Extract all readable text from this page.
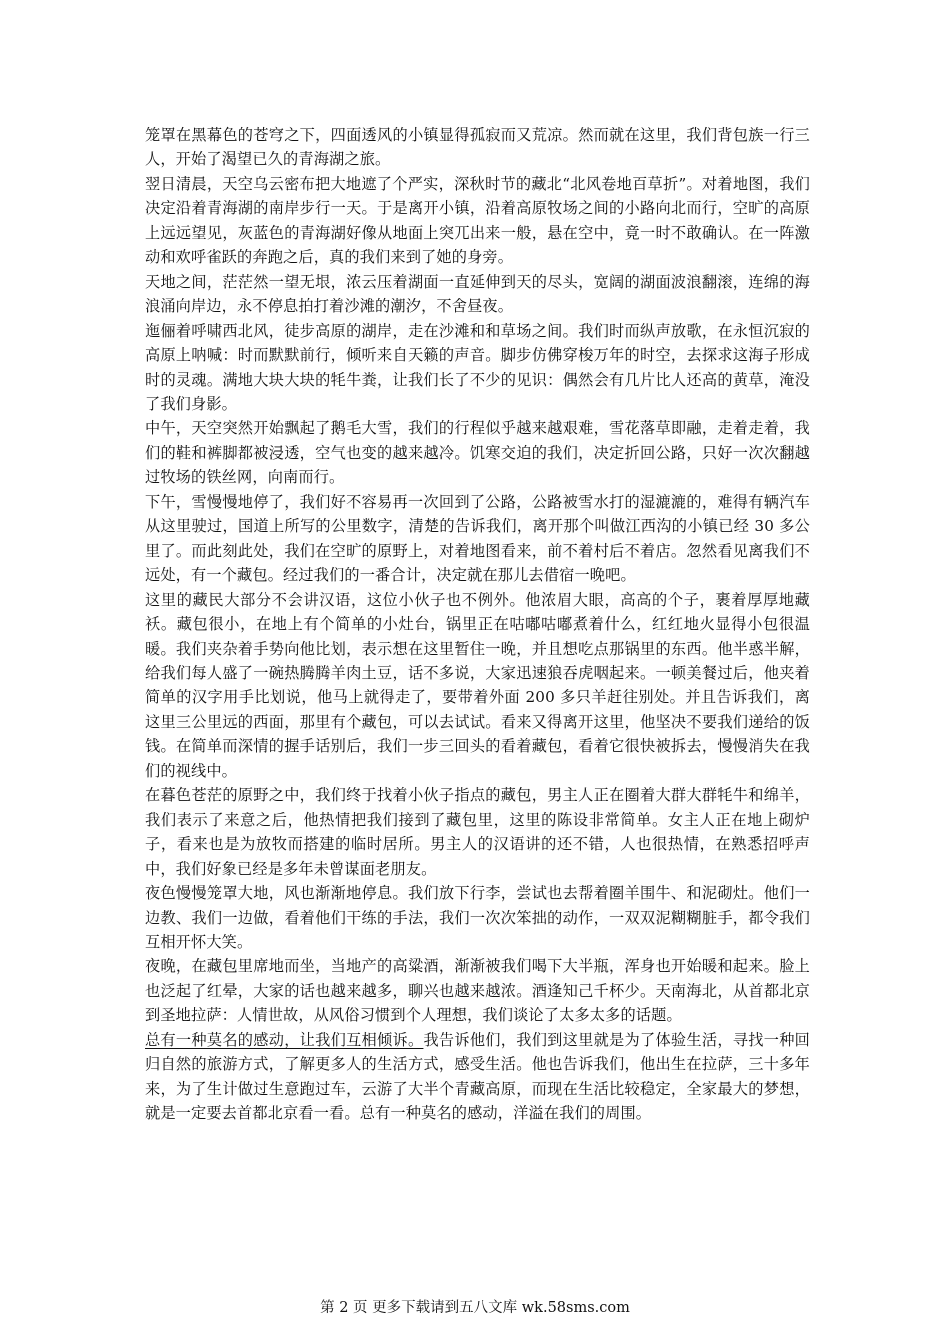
笼罩在黑幕色的苍穹之下，四面透风的小镇显得孤寂而又荒凉。然而就在这里，我们背包族一行三人，开始了渴望已久的青海湖之旅。

翌日清晨，天空乌云密布把大地遮了个严实，深秋时节的藏北“北风卷地百草折”。对着地图，我们决定沿着青海湖的南岸步行一天。于是离开小镇，沿着高原牧场之间的小路向北而行，空旷的高原上远远望见，灰蓝色的青海湖好像从地面上突兀出来一般，悬在空中，竟一时不敢确认。在一阵激动和欢呼雀跃的奔跑之后，真的我们来到了她的身旁。

天地之间，茫茫然一望无垠，浓云压着湖面一直延伸到天的尽头，宽阔的湖面波浪翻滚，连绵的海浪涌向岸边，永不停息拍打着沙滩的潮汐，不舍昼夜。

迤俪着呼啸西北风，徒步高原的湖岸，走在沙滩和和草场之间。我们时而纵声放歌，在永恒沉寂的高原上呐喊：时而默默前行，倾听来自天籁的声音。脚步仿佛穿梭万年的时空，去探求这海子形成时的灵魂。满地大块大块的牦牛粪，让我们长了不少的见识：偶然会有几片比人还高的黄草，淹没了我们身影。

中午，天空突然开始飘起了鹅毛大雪，我们的行程似乎越来越艰难，雪花落草即融，走着走着，我们的鞋和裤脚都被浸透，空气也变的越来越冷。饥寒交迫的我们，决定折回公路，只好一次次翻越过牧场的铁丝网，向南而行。

下午，雪慢慢地停了，我们好不容易再一次回到了公路，公路被雪水打的湿漉漉的，难得有辆汽车从这里驶过，国道上所写的公里数字，清楚的告诉我们，离开那个叫做江西沟的小镇已经 30 多公里了。而此刻此处，我们在空旷的原野上，对着地图看来，前不着村后不着店。忽然看见离我们不远处，有一个藏包。经过我们的一番合计，决定就在那儿去借宿一晚吧。

这里的藏民大部分不会讲汉语，这位小伙子也不例外。他浓眉大眼，高高的个子，裹着厚厚地藏袄。藏包很小，在地上有个简单的小灶台，锅里正在咕嘟咕嘟煮着什么，红红地火显得小包很温暖。我们夹杂着手势向他比划，表示想在这里暂住一晚，并且想吃点那锅里的东西。他半惑半解，给我们每人盛了一碗热腾腾羊肉土豆，话不多说，大家迅速狼吞虎咽起来。一顿美餐过后，他夹着简单的汉字用手比划说，他马上就得走了，要带着外面 200 多只羊赶往别处。并且告诉我们，离这里三公里远的西面，那里有个藏包，可以去试试。看来又得离开这里，他坚决不要我们递给的饭钱。在简单而深情的握手话别后，我们一步三回头的看着藏包，看着它很快被拆去，慢慢消失在我们的视线中。

在暮色苍茫的原野之中，我们终于找着小伙子指点的藏包，男主人正在圈着大群大群牦牛和绵羊，我们表示了来意之后，他热情把我们接到了藏包里，这里的陈设非常简单。女主人正在地上砌炉子，看来也是为放牧而搭建的临时居所。男主人的汉语讲的还不错，人也很热情，在熟悉招呼声中，我们好象已经是多年未曾谋面老朋友。

夜色慢慢笼罩大地，风也渐渐地停息。我们放下行李，尝试也去帮着圈羊围牛、和泥砌灶。他们一边教、我们一边做，看着他们干练的手法，我们一次次笨拙的动作，一双双泥糊糊脏手，都令我们互相开怀大笑。

夜晚，在藏包里席地而坐，当地产的高粱酒，渐渐被我们喝下大半瓶，浑身也开始暖和起来。脸上也泛起了红晕，大家的话也越来越多，聊兴也越来越浓。酒逢知己千杯少。天南海北，从首都北京到圣地拉萨：人情世故，从风俗习惯到个人理想，我们谈论了太多太多的话题。

总有一种莫名的感动，让我们互相倾诉。我告诉他们，我们到这里就是为了体验生活，寻找一种回归自然的旅游方式，了解更多人的生活方式，感受生活。他也告诉我们，他出生在拉萨，三十多年来，为了生计做过生意跑过车，云游了大半个青藏高原，而现在生活比较稳定，全家最大的梦想，就是一定要去首都北京看一看。总有一种莫名的感动，洋溢在我们的周围。

第 2 页 更多下载请到五八文库 wk.58sms.com
